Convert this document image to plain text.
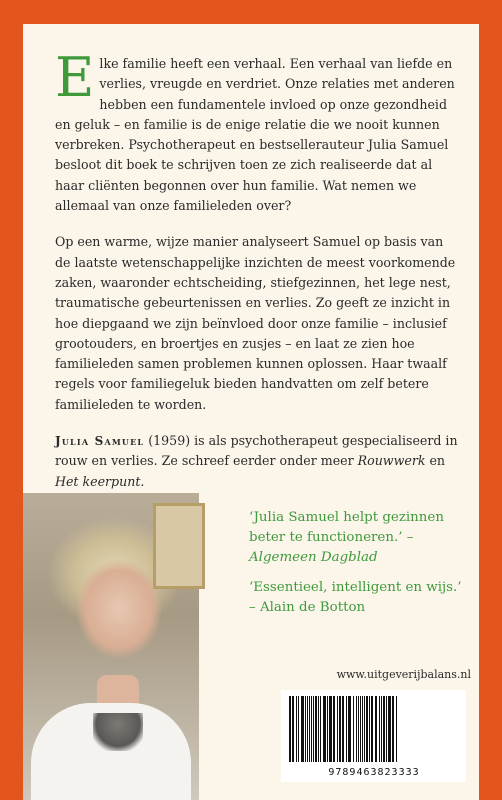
Elke familie heeft een verhaal. Een verhaal van liefde en verlies, vreugde en verdriet. Onze relaties met anderen hebben een fundamentele invloed op onze gezondheid en geluk – en familie is de enige relatie die we nooit kunnen verbreken. Psychotherapeut en bestsellerauteur Julia Samuel besloot dit boek te schrijven toen ze zich realiseerde dat al haar cliënten begonnen over hun familie. Wat nemen we allemaal van onze familieleden over?

Op een warme, wijze manier analyseert Samuel op basis van de laatste wetenschappelijke inzichten de meest voorkomende zaken, waaronder echtscheiding, stiefgezinnen, het lege nest, traumatische gebeurtenissen en verlies. Zo geeft ze inzicht in hoe diepgaand we zijn beïnvloed door onze familie – inclusief grootouders, en broertjes en zusjes – en laat ze zien hoe familieleden samen problemen kunnen oplossen. Haar twaalf regels voor familiegeluk bieden handvatten om zelf betere familieleden te worden.

Julia Samuel (1959) is als psychotherapeut gespecialiseerd in rouw en verlies. Ze schreef eerder onder meer Rouwwerk en Het keerpunt.

‘Julia Samuel helpt gezinnen beter te functioneren.’ – Algemeen Dagblad

‘Essentieel, intelligent en wijs.’
– Alain de Botton

www.uitgeverijbalans.nl
9789463823333
